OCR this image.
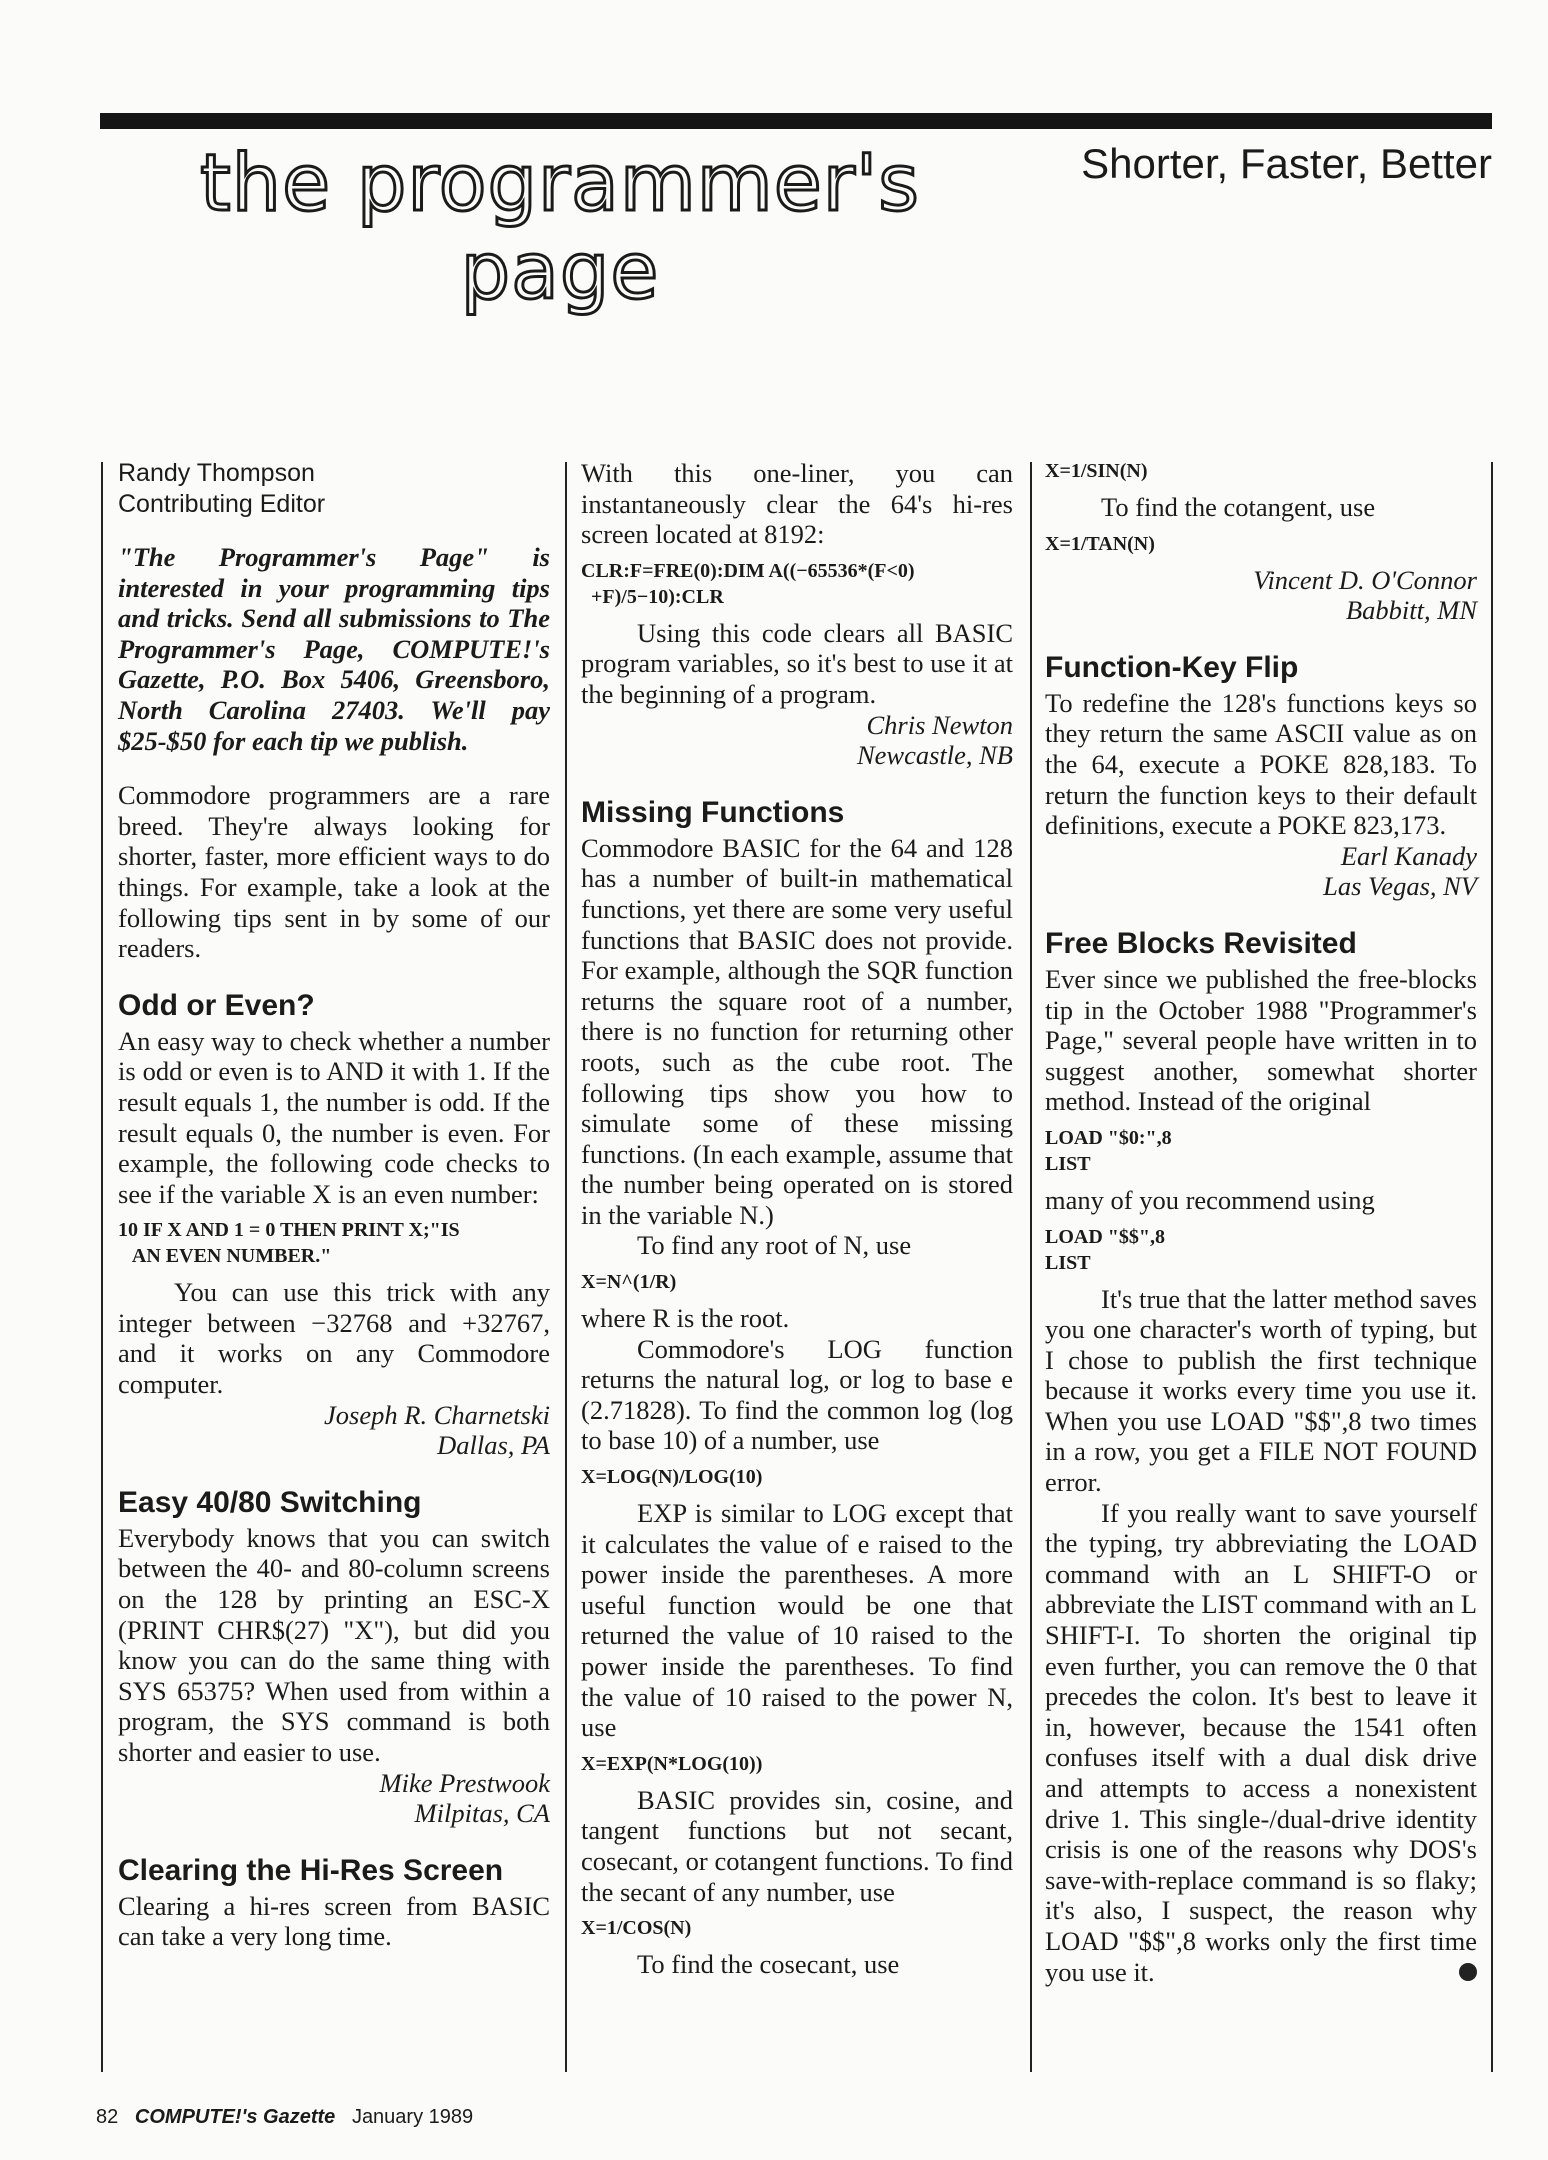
the programmer's
page
Shorter, Faster, Better
Randy Thompson
Contributing Editor

"The Programmer's Page" is interested in your programming tips and tricks. Send all submissions to The Programmer's Page, COMPUTE!'s Gazette, P.O. Box 5406, Greensboro, North Carolina 27403. We'll pay $25-$50 for each tip we publish.

Commodore programmers are a rare breed. They're always looking for shorter, faster, more efficient ways to do things. For example, take a look at the following tips sent in by some of our readers.

Odd or Even?

An easy way to check whether a number is odd or even is to AND it with 1. If the result equals 1, the number is odd. If the result equals 0, the number is even. For example, the following code checks to see if the variable X is an even number:

10 IF X AND 1 = 0 THEN PRINT X;"IS
AN EVEN NUMBER."

You can use this trick with any integer between −32768 and +32767, and it works on any Commodore computer.

Joseph R. Charnetski
Dallas, PA
Easy 40/80 Switching

Everybody knows that you can switch between the 40- and 80-column screens on the 128 by printing an ESC-X (PRINT CHR$(27) "X"), but did you know you can do the same thing with SYS 65375? When used from within a program, the SYS command is both shorter and easier to use.

Mike Prestwook
Milpitas, CA
Clearing the Hi-Res Screen

Clearing a hi-res screen from BASIC can take a very long time.

With this one-liner, you can instantaneously clear the 64's hi-res screen located at 8192:

CLR:F=FRE(0):DIM A((−65536*(F<0)
+F)/5−10):CLR

Using this code clears all BASIC program variables, so it's best to use it at the beginning of a program.

Chris Newton
Newcastle, NB
Missing Functions

Commodore BASIC for the 64 and 128 has a number of built-in mathematical functions, yet there are some very useful functions that BASIC does not provide. For example, although the SQR function returns the square root of a number, there is no function for returning other roots, such as the cube root. The following tips show you how to simulate some of these missing functions. (In each example, assume that the number being operated on is stored in the variable N.)

To find any root of N, use

X=N^(1/R)

where R is the root.

Commodore's LOG function returns the natural log, or log to base e (2.71828). To find the common log (log to base 10) of a number, use

X=LOG(N)/LOG(10)

EXP is similar to LOG except that it calculates the value of e raised to the power inside the parentheses. A more useful function would be one that returned the value of 10 raised to the power inside the parentheses. To find the value of 10 raised to the power N, use

X=EXP(N*LOG(10))

BASIC provides sin, cosine, and tangent functions but not secant, cosecant, or cotangent functions. To find the secant of any number, use

X=1/COS(N)

To find the cosecant, use

X=1/SIN(N)

To find the cotangent, use

X=1/TAN(N)
Vincent D. O'Connor
Babbitt, MN
Function-Key Flip

To redefine the 128's functions keys so they return the same ASCII value as on the 64, execute a POKE 828,183. To return the function keys to their default definitions, execute a POKE 823,173.

Earl Kanady
Las Vegas, NV
Free Blocks Revisited

Ever since we published the free-blocks tip in the October 1988 "Programmer's Page," several people have written in to suggest another, somewhat shorter method. Instead of the original

LOAD "$0:",8
LIST

many of you recommend using

LOAD "$$",8
LIST

It's true that the latter method saves you one character's worth of typing, but I chose to publish the first technique because it works every time you use it. When you use LOAD "$$",8 two times in a row, you get a FILE NOT FOUND error.

If you really want to save yourself the typing, try abbreviating the LOAD command with an L SHIFT-O or abbreviate the LIST command with an L SHIFT-I. To shorten the original tip even further, you can remove the 0 that precedes the colon. It's best to leave it in, however, because the 1541 often confuses itself with a dual disk drive and attempts to access a nonexistent drive 1. This single-/dual-drive identity crisis is one of the reasons why DOS's save-with-replace command is so flaky; it's also, I suspect, the reason why LOAD "$$",8 works only the first time you use it.

82 COMPUTE!'s Gazette January 1989
